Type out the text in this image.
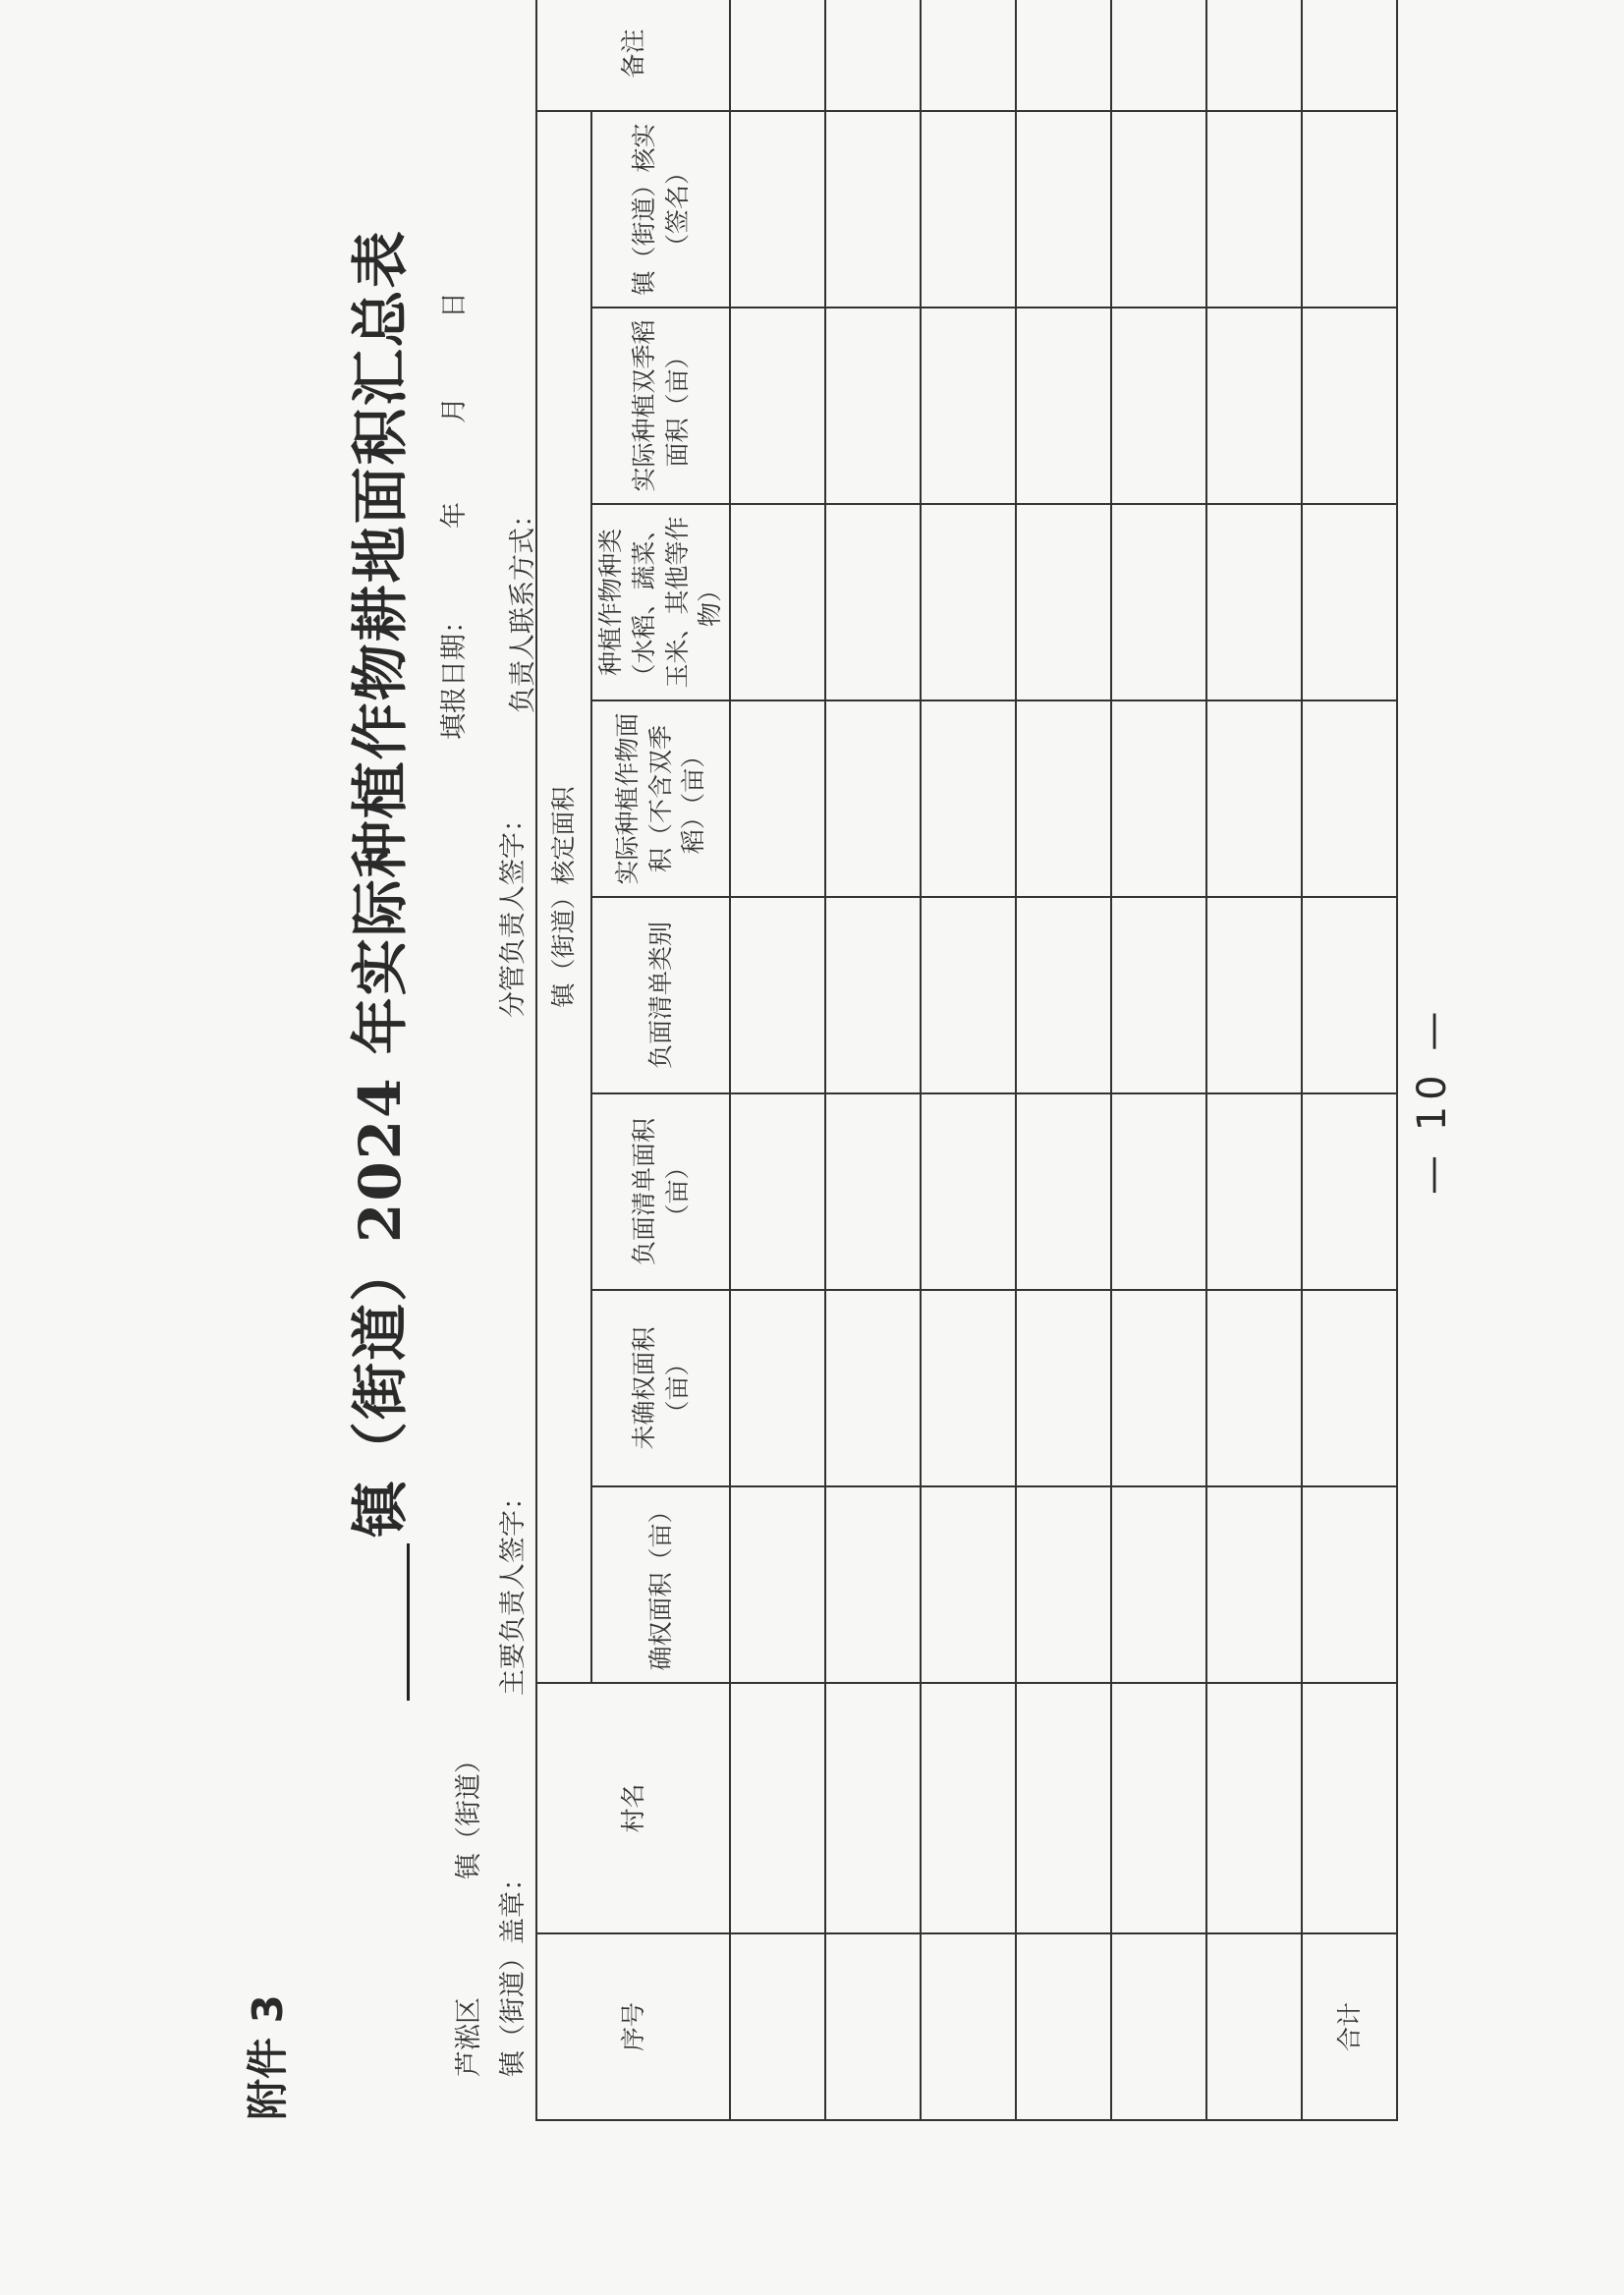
附件 3
镇（街道）2024 年实际种植作物耕地面积汇总表
芦淞区镇（街道）
镇（街道）盖章：
主要负责人签字：
分管负责人签字：
填报日期：年月日
负责人联系方式：
序号	村名	镇（街道）核定面积								备注
		确权面积（亩）	未确权面积（亩）	负面清单面积（亩）	负面清单类别	实际种植作物面积（不含双季稻）（亩）	种植作物种类（水稻、蔬菜、玉米、其他等作物）	实际种植双季稻面积（亩）	镇（街道）核实（签名）	

合计										
— 10 —
